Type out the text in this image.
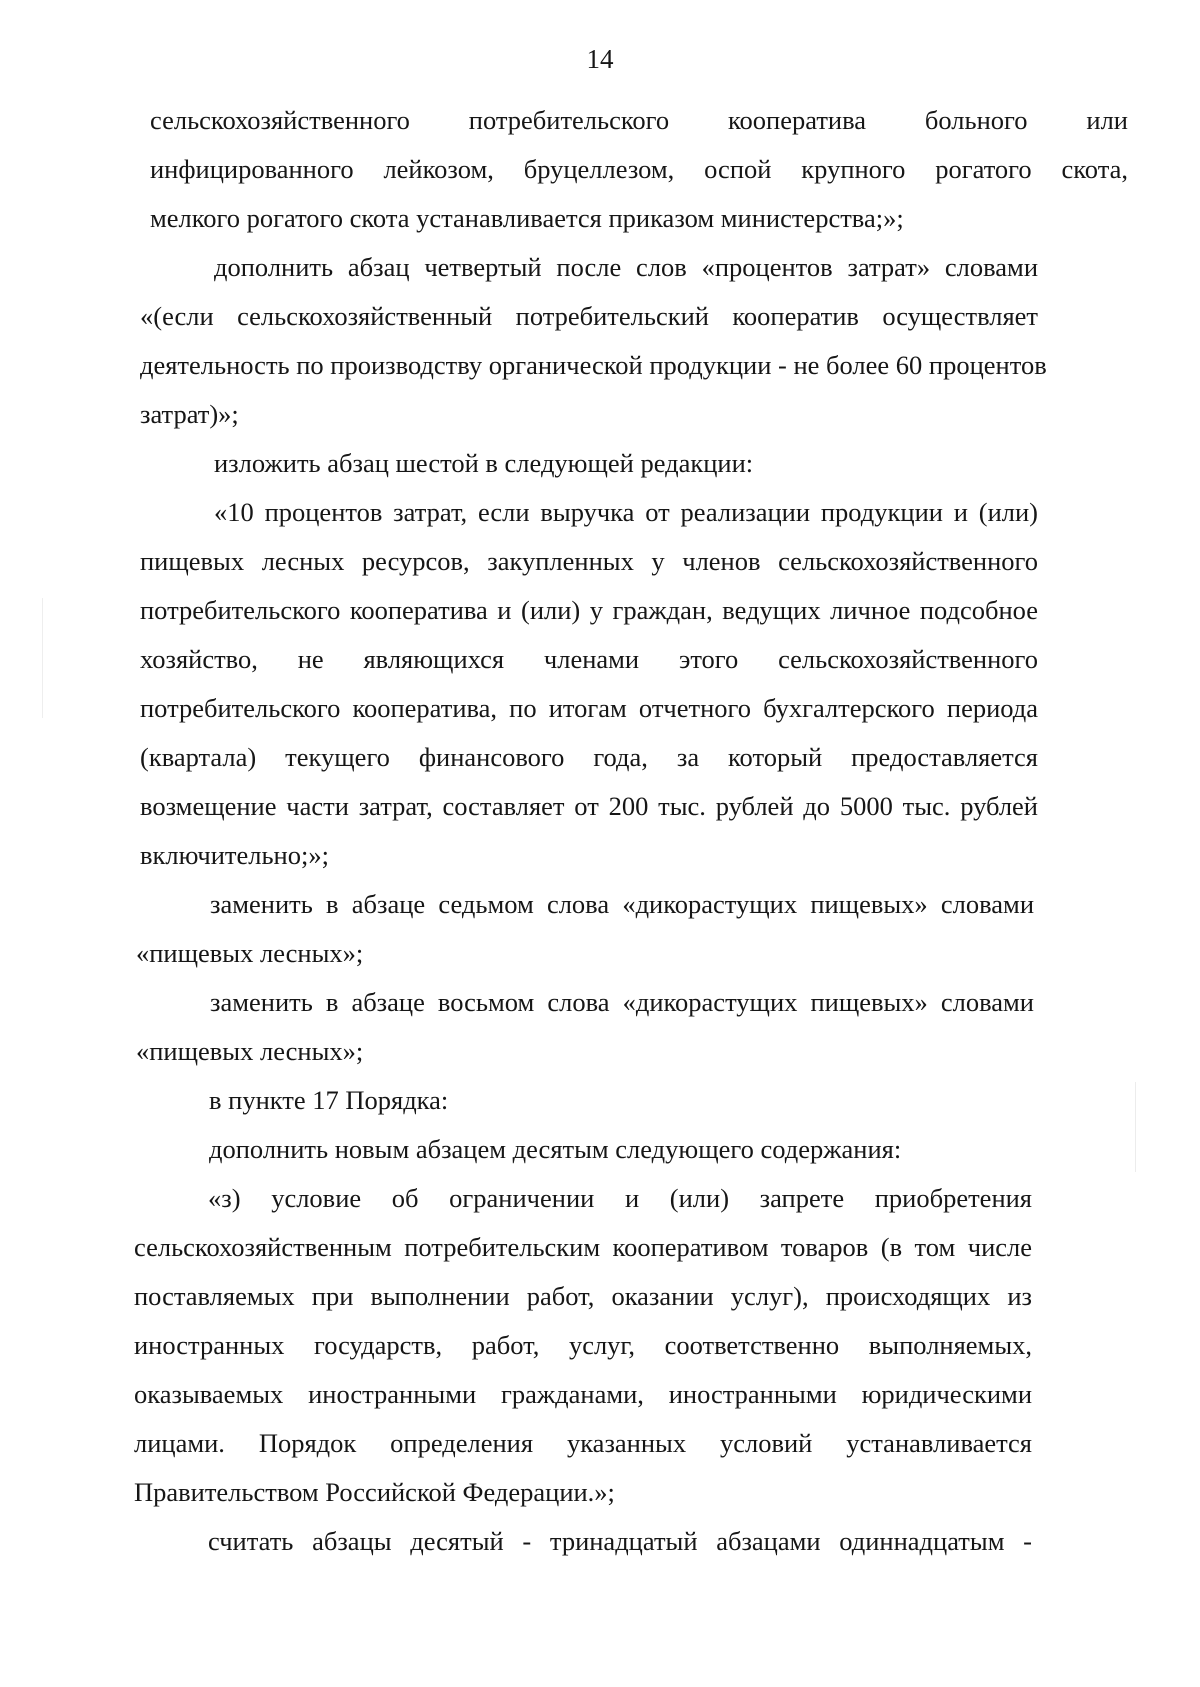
14
сельскохозяйственного потребительского кооператива больного или
инфицированного лейкозом, бруцеллезом, оспой крупного рогатого скота,
мелкого рогатого скота устанавливается приказом министерства;»;
дополнить абзац четвертый после слов «процентов затрат» словами
«(если сельскохозяйственный потребительский кооператив осуществляет
деятельность по производству органической продукции - не более 60 процентов
затрат)»;
изложить абзац шестой в следующей редакции:
«10 процентов затрат, если выручка от реализации продукции и (или)
пищевых лесных ресурсов, закупленных у членов сельскохозяйственного
потребительского кооператива и (или) у граждан, ведущих личное подсобное
хозяйство, не являющихся членами этого сельскохозяйственного
потребительского кооператива, по итогам отчетного бухгалтерского периода
(квартала) текущего финансового года, за который предоставляется
возмещение части затрат, составляет от 200 тыс. рублей до 5000 тыс. рублей
включительно;»;
заменить в абзаце седьмом слова «дикорастущих пищевых» словами
«пищевых лесных»;
заменить в абзаце восьмом слова «дикорастущих пищевых» словами
«пищевых лесных»;
в пункте 17 Порядка:
дополнить новым абзацем десятым следующего содержания:
«з) условие об ограничении и (или) запрете приобретения
сельскохозяйственным потребительским кооперативом товаров (в том числе
поставляемых при выполнении работ, оказании услуг), происходящих из
иностранных государств, работ, услуг, соответственно выполняемых,
оказываемых иностранными гражданами, иностранными юридическими
лицами. Порядок определения указанных условий устанавливается
Правительством Российской Федерации.»;
считать абзацы десятый - тринадцатый абзацами одиннадцатым -
